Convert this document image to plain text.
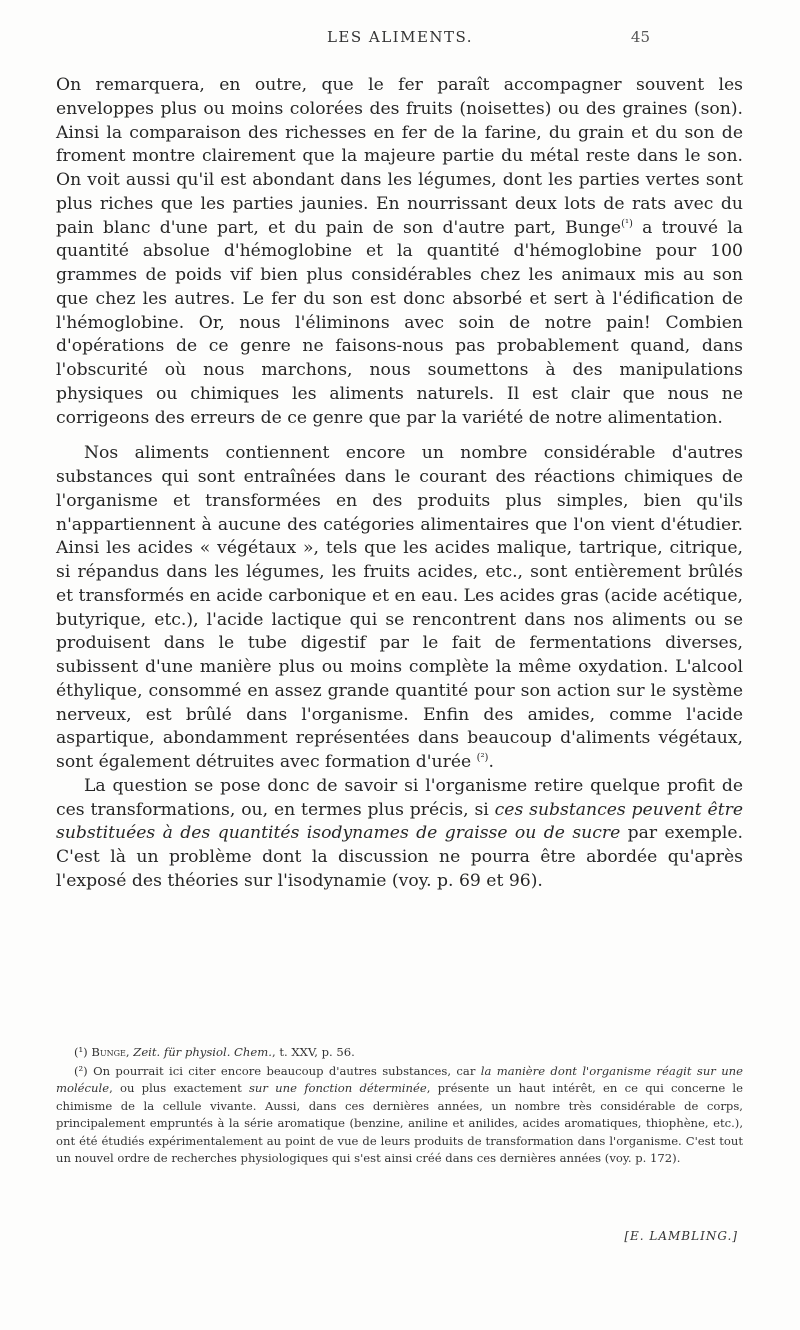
LES ALIMENTS.	45

On remarquera, en outre, que le fer paraît accompagner souvent les enveloppes plus ou moins colorées des fruits (noisettes) ou des graines (son). Ainsi la comparaison des richesses en fer de la farine, du grain et du son de froment montre clairement que la majeure partie du métal reste dans le son. On voit aussi qu'il est abondant dans les légumes, dont les parties vertes sont plus riches que les parties jaunies. En nourrissant deux lots de rats avec du pain blanc d'une part, et du pain de son d'autre part, Bunge$^{(^1)}$ a trouvé la quantité absolue d'hémoglobine et la quantité d'hémoglobine pour 100 grammes de poids vif bien plus considérables chez les animaux mis au son que chez les autres. Le fer du son est donc absorbé et sert à l'édification de l'hémoglobine. Or, nous l'éliminons avec soin de notre pain! Combien d'opérations de ce genre ne faisons-nous pas probablement quand, dans l'obscurité où nous marchons, nous soumettons à des manipulations physiques ou chimiques les aliments naturels. Il est clair que nous ne corrigeons des erreurs de ce genre que par la variété de notre alimentation.

Nos aliments contiennent encore un nombre considérable d'autres substances qui sont entraînées dans le courant des réactions chimiques de l'organisme et transformées en des produits plus simples, bien qu'ils n'appartiennent à aucune des catégories alimentaires que l'on vient d'étudier. Ainsi les acides « végétaux », tels que les acides malique, tartrique, citrique, si répandus dans les légumes, les fruits acides, etc., sont entièrement brûlés et transformés en acide carbonique et en eau. Les acides gras (acide acétique, butyrique, etc.), l'acide lactique qui se rencontrent dans nos aliments ou se produisent dans le tube digestif par le fait de fermentations diverses, subissent d'une manière plus ou moins complète la même oxydation. L'alcool éthylique, consommé en assez grande quantité pour son action sur le système nerveux, est brûlé dans l'organisme. Enfin des amides, comme l'acide aspartique, abondamment représentées dans beaucoup d'aliments végétaux, sont également détruites avec formation d'urée $^{(^2)}$.

La question se pose donc de savoir si l'organisme retire quelque profit de ces transformations, ou, en termes plus précis, si ces substances peuvent être substituées à des quantités isodynames de graisse ou de sucre par exemple. C'est là un problème dont la discussion ne pourra être abordée qu'après l'exposé des théories sur l'isodynamie (voy. p. 69 et 96).

(¹) Bunge, Zeit. für physiol. Chem., t. XXV, p. 56.

(²) On pourrait ici citer encore beaucoup d'autres substances, car la manière dont l'organisme réagit sur une molécule, ou plus exactement sur une fonction déterminée, présente un haut intérêt, en ce qui concerne le chimisme de la cellule vivante. Aussi, dans ces dernières années, un nombre très considérable de corps, principalement empruntés à la série aromatique (benzine, aniline et anilides, acides aromatiques, thiophène, etc.), ont été étudiés expérimentalement au point de vue de leurs produits de transformation dans l'organisme. C'est tout un nouvel ordre de recherches physiologiques qui s'est ainsi créé dans ces dernières années (voy. p. 172).

[E. LAMBLING.]
